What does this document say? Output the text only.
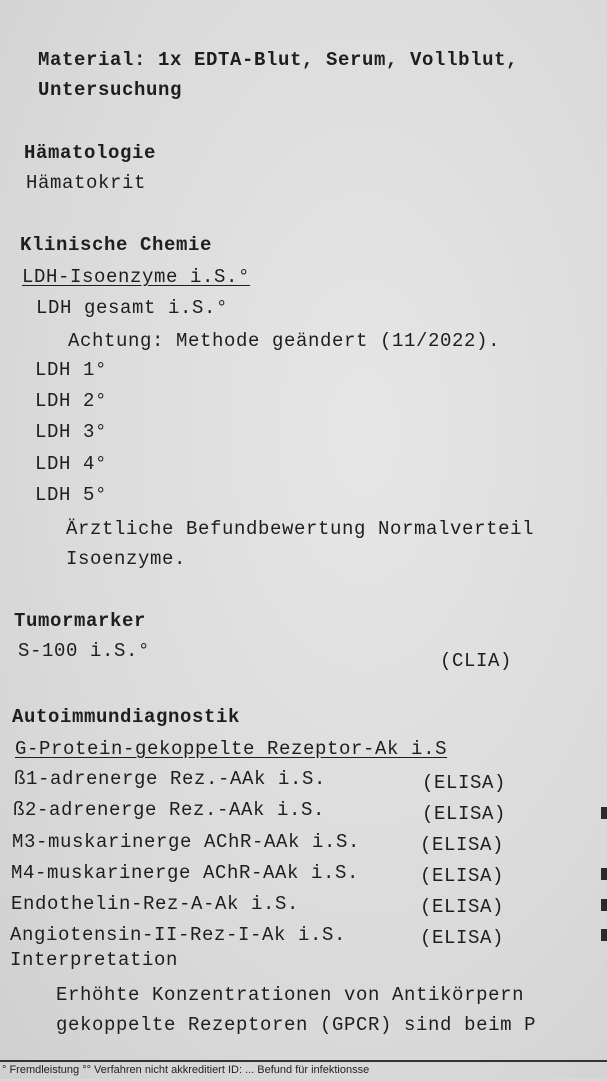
Material: 1x EDTA-Blut, Serum, Vollblut,
Untersuchung
Hämatologie
Hämatokrit
Klinische Chemie
LDH-Isoenzyme i.S.°
LDH gesamt i.S.°
Achtung: Methode geändert (11/2022).
LDH 1°
LDH 2°
LDH 3°
LDH 4°
LDH 5°
Ärztliche Befundbewertung Normalverteil
Isoenzyme.
Tumormarker
S-100 i.S.°	(CLIA)
Autoimmundiagnostik
G-Protein-gekoppelte Rezeptor-Ak i.S
ß1-adrenerge Rez.-AAk i.S.	(ELISA)
ß2-adrenerge Rez.-AAk i.S.	(ELISA)
M3-muskarinerge AChR-AAk i.S.	(ELISA)
M4-muskarinerge AChR-AAk i.S.	(ELISA)
Endothelin-Rez-A-Ak i.S.	(ELISA)
Angiotensin-II-Rez-I-Ak i.S.	(ELISA)
Interpretation
Erhöhte Konzentrationen von Antikörpern
gekoppelte Rezeptoren (GPCR) sind beim P
° Fremdleistung °° Verfahren nicht akkreditiert ID: ... Befund für infektionsse
